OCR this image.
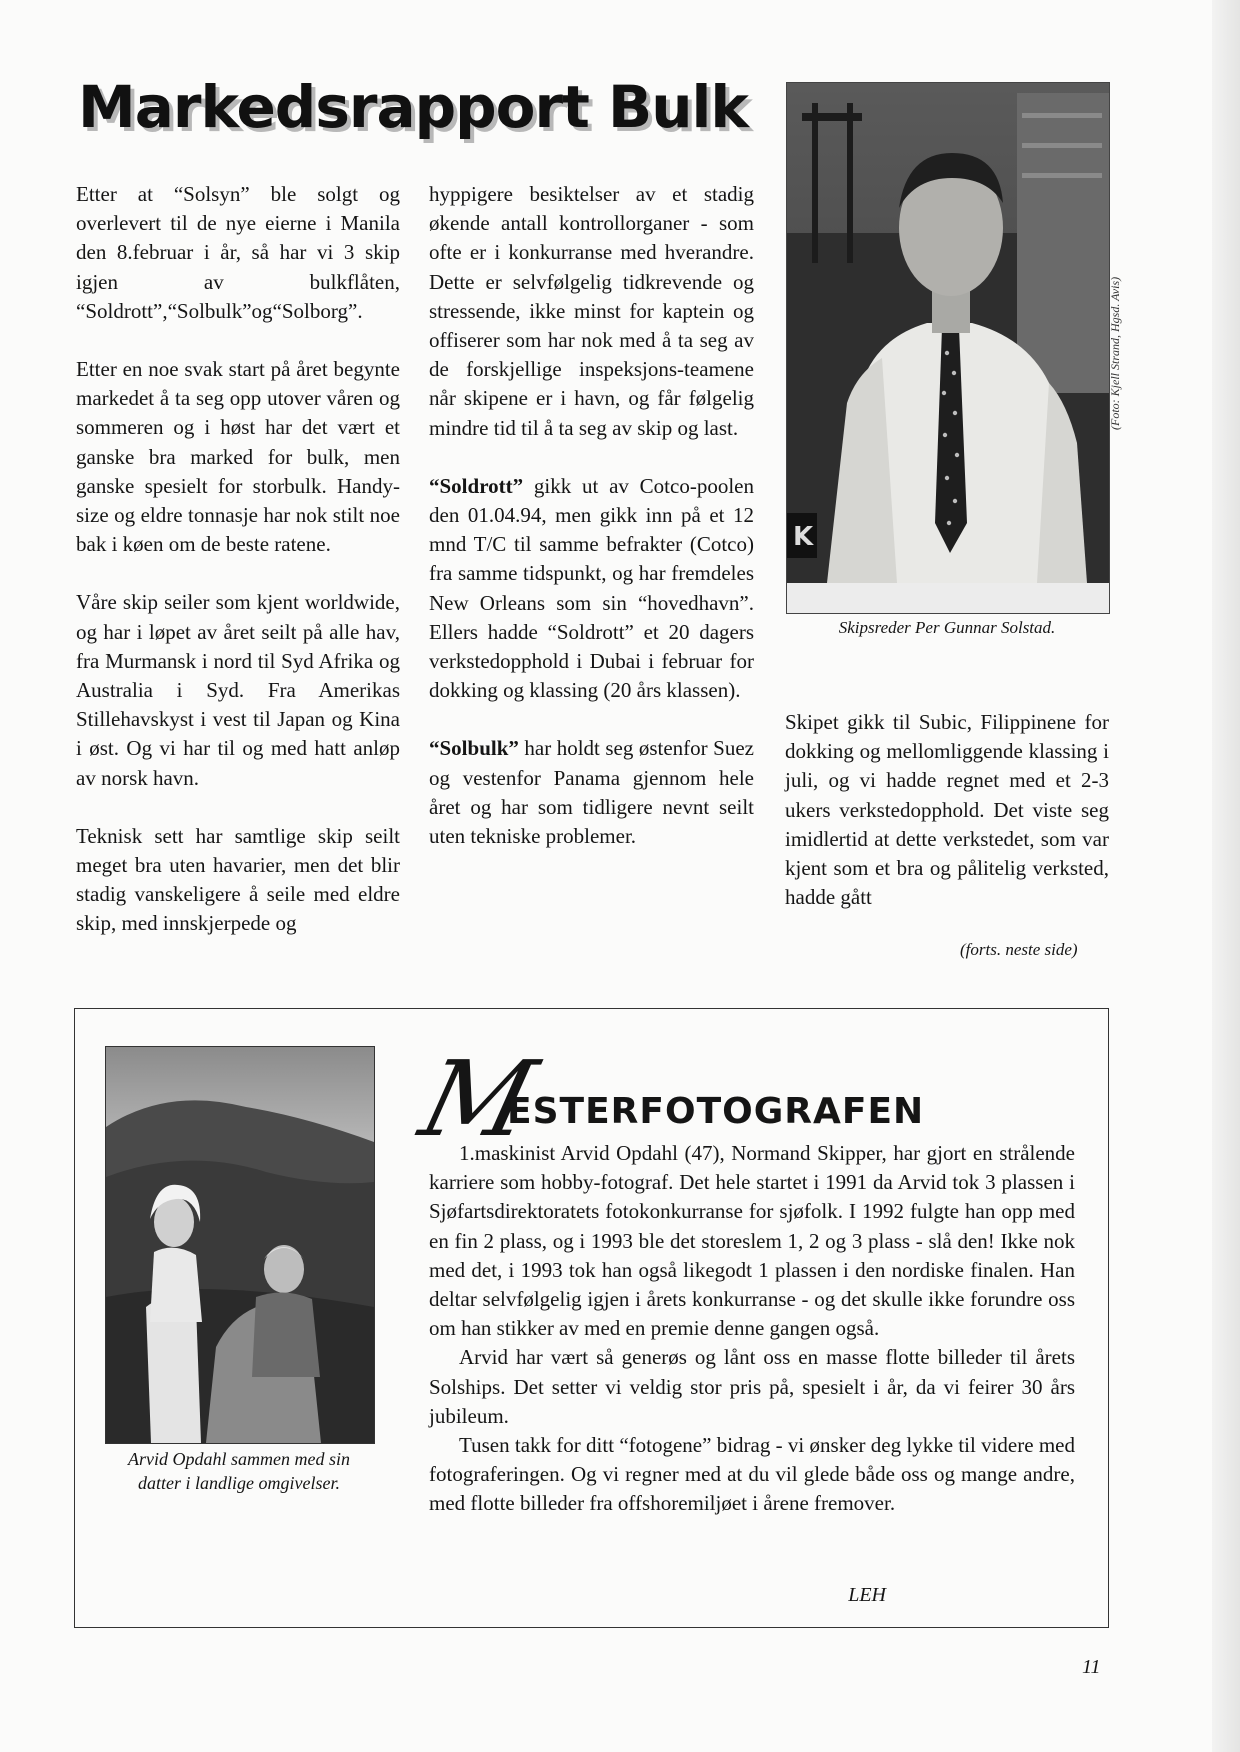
Markedsrapport Bulk

Etter at “Solsyn” ble solgt og overlevert til de nye eierne i Manila den 8.februar i år, så har vi 3 skip igjen av bulkflåten, “Soldrott”,“Solbulk”og“Solborg”.

Etter en noe svak start på året begynte markedet å ta seg opp utover våren og sommeren og i høst har det vært et ganske bra marked for bulk, men ganske spesielt for storbulk. Handy-size og eldre tonnasje har nok stilt noe bak i køen om de beste ratene.

Våre skip seiler som kjent worldwide, og har i løpet av året seilt på alle hav, fra Murmansk i nord til Syd Afrika og Australia i Syd. Fra Amerikas Stillehavskyst i vest til Japan og Kina i øst. Og vi har til og med hatt anløp av norsk havn.

Teknisk sett har samtlige skip seilt meget bra uten havarier, men det blir stadig vanskeligere å seile med eldre skip, med innskjerpede og

hyppigere besiktelser av et stadig økende antall kontrollorganer - som ofte er i konkurranse med hverandre. Dette er selvfølgelig tidkrevende og stressende, ikke minst for kaptein og offiserer som har nok med å ta seg av de forskjellige inspeksjons-teamene når skipene er i havn, og får følgelig mindre tid til å ta seg av skip og last.

“Soldrott” gikk ut av Cotco-poolen den 01.04.94, men gikk inn på et 12 mnd T/C til samme befrakter (Cotco) fra samme tidspunkt, og har fremdeles New Orleans som sin “hovedhavn”. Ellers hadde “Soldrott” et 20 dagers verkstedopphold i Dubai i februar for dokking og klassing (20 års klassen).

“Solbulk” har holdt seg østenfor Suez og vestenfor Panama gjennom hele året og har som tidligere nevnt seilt uten tekniske problemer.

K
(Foto: Kjell Strand, Hgsd. Avis)
Skipsreder Per Gunnar Solstad.

Skipet gikk til Subic, Filippinene for dokking og mellomliggende klassing i juli, og vi hadde regnet med et 2-3 ukers verkstedopphold. Det viste seg imidlertid at dette verkstedet, som var kjent som et bra og pålitelig verksted, hadde gått

(forts. neste side)
Arvid Opdahl sammen med sin datter i landlige omgivelser.
M
ESTERFOTOGRAFEN

1.maskinist Arvid Opdahl (47), Normand Skipper, har gjort en strålende karriere som hobby-fotograf. Det hele startet i 1991 da Arvid tok 3 plassen i Sjøfartsdirektoratets fotokonkurranse for sjøfolk. I 1992 fulgte han opp med en fin 2 plass, og i 1993 ble det storeslem 1, 2 og 3 plass - slå den! Ikke nok med det, i 1993 tok han også likegodt 1 plassen i den nordiske finalen. Han deltar selvfølgelig igjen i årets konkurranse - og det skulle ikke forundre oss om han stikker av med en premie denne gangen også.

Arvid har vært så generøs og lånt oss en masse flotte billeder til årets Solships. Det setter vi veldig stor pris på, spesielt i år, da vi feirer 30 års jubileum.

Tusen takk for ditt “fotogene” bidrag - vi ønsker deg lykke til videre med fotograferingen. Og vi regner med at du vil glede både oss og mange andre, med flotte billeder fra offshoremiljøet i årene fremover.

LEH
11
